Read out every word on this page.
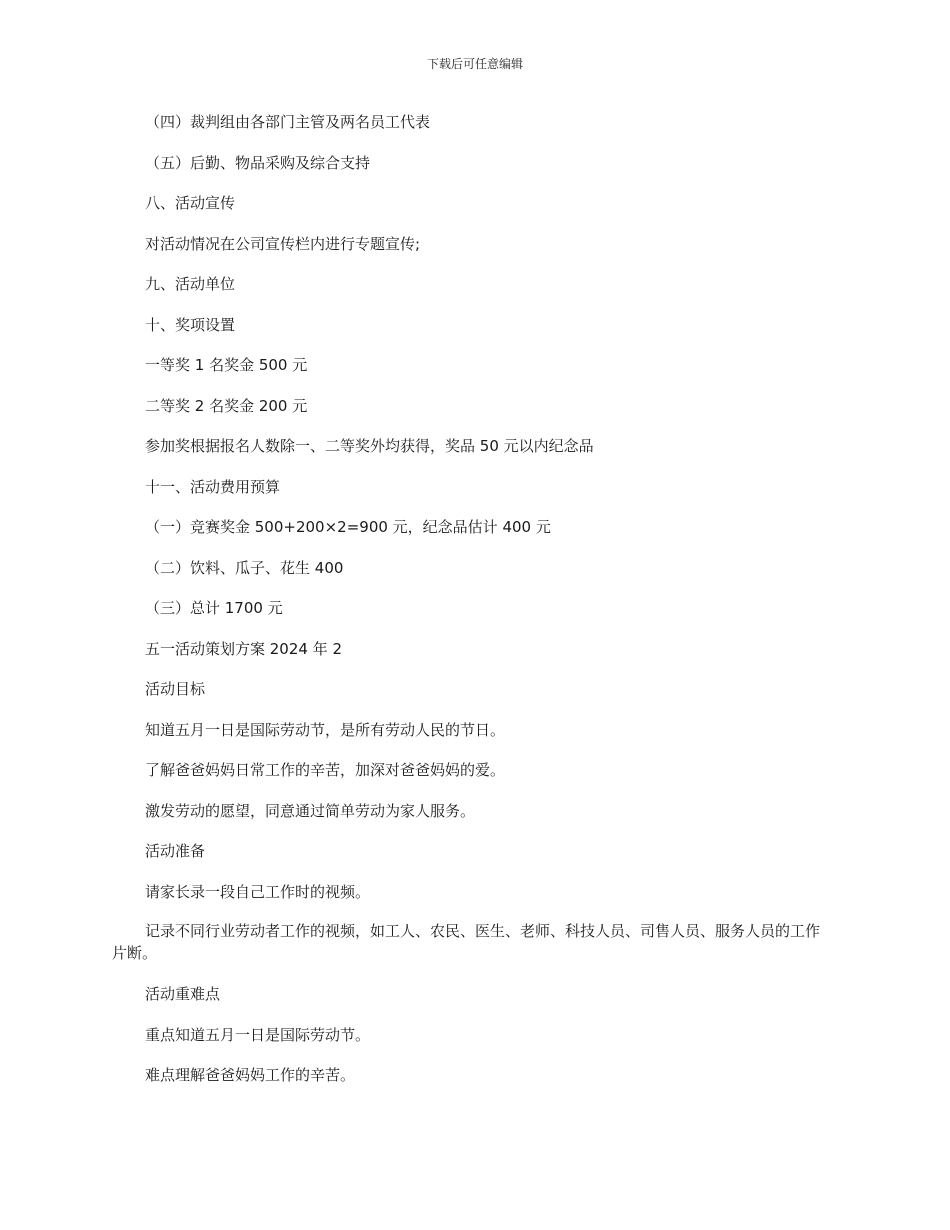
下载后可任意编辑

（四）裁判组由各部门主管及两名员工代表

（五）后勤、物品采购及综合支持

八、活动宣传

对活动情况在公司宣传栏内进行专题宣传;

九、活动单位

十、奖项设置

一等奖 1 名奖金 500 元

二等奖 2 名奖金 200 元

参加奖根据报名人数除一、二等奖外均获得，奖品 50 元以内纪念品

十一、活动费用预算

（一）竞赛奖金 500+200×2=900 元，纪念品估计 400 元

（二）饮料、瓜子、花生 400

（三）总计 1700 元

五一活动策划方案 2024 年 2

活动目标

知道五月一日是国际劳动节，是所有劳动人民的节日。

了解爸爸妈妈日常工作的辛苦，加深对爸爸妈妈的爱。

激发劳动的愿望，同意通过简单劳动为家人服务。

活动准备

请家长录一段自己工作时的视频。

记录不同行业劳动者工作的视频，如工人、农民、医生、老师、科技人员、司售人员、服务人员的工作片断。

活动重难点

重点知道五月一日是国际劳动节。

难点理解爸爸妈妈工作的辛苦。
